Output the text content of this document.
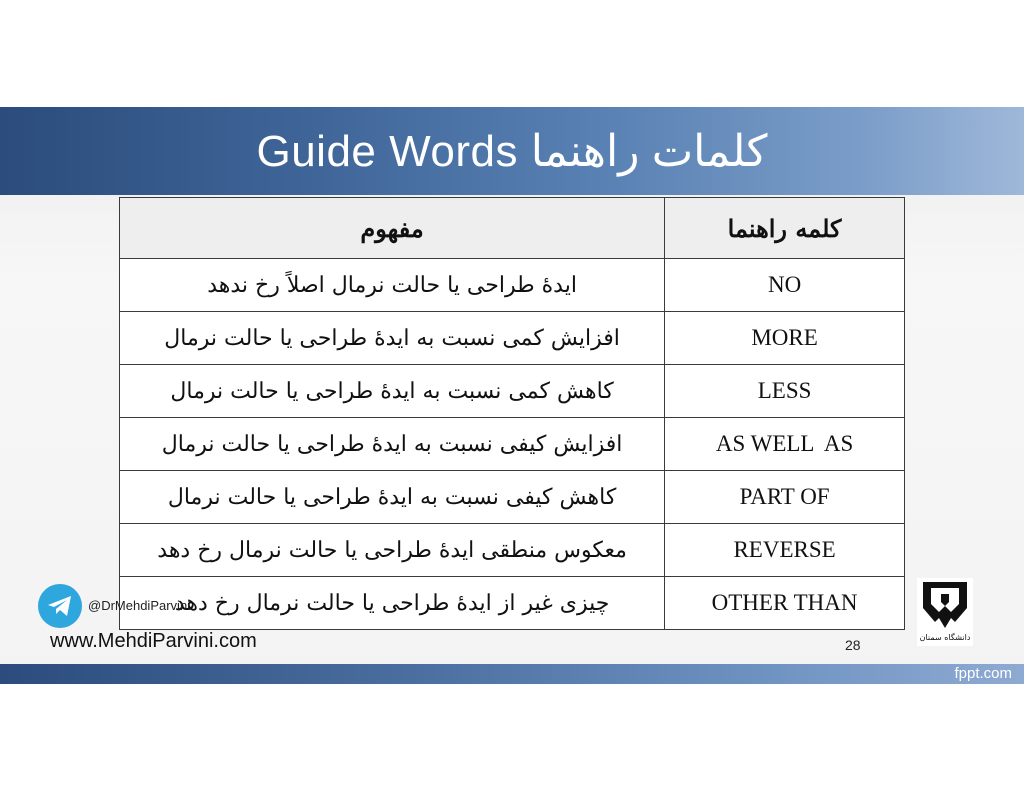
Guide Words كلمات راهنما
مفهوم	کلمه راهنما
ایدهٔ طراحی یا حالت نرمال اصلاً رخ ندهد	NO
افزایش کمی نسبت به ایدهٔ طراحی یا حالت نرمال	MORE
کاهش کمی نسبت به ایدهٔ طراحی یا حالت نرمال	LESS
افزایش کیفی نسبت به ایدهٔ طراحی یا حالت نرمال	AS WELL  AS
کاهش کیفی نسبت به ایدهٔ طراحی یا حالت نرمال	PART OF
معکوس منطقی ایدهٔ طراحی یا حالت نرمال رخ دهد	REVERSE
چیزی غیر از ایدهٔ طراحی یا حالت نرمال رخ دهد	OTHER THAN
@DrMehdiParvini
www.MehdiParvini.com	28	دانشگاه سمنان
fppt.com
